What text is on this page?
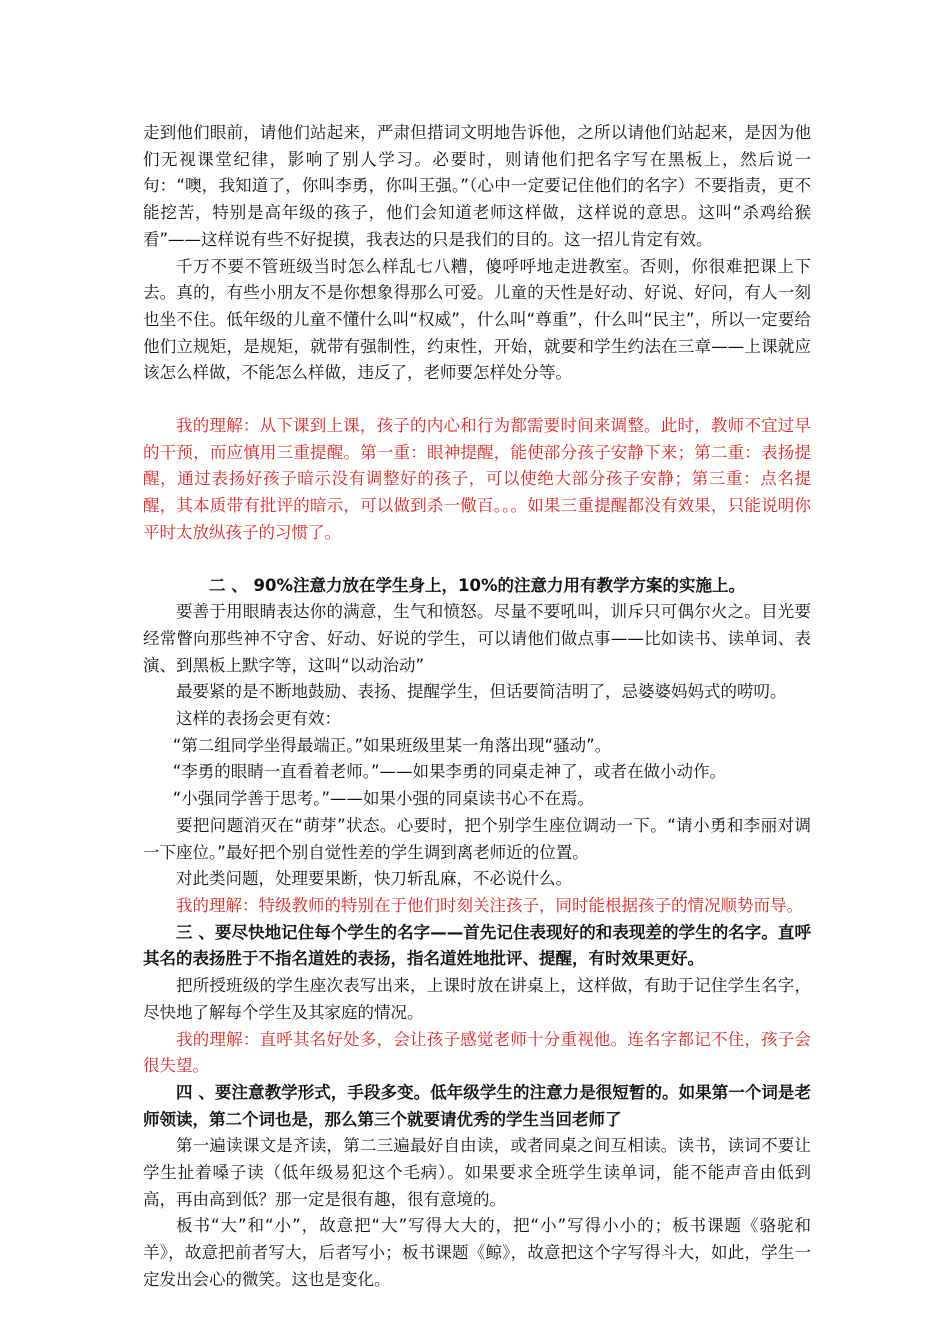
走到他们眼前，请他们站起来，严肃但措词文明地告诉他，之所以请他们站起来，是因为他们无视课堂纪律，影响了别人学习。必要时，则请他们把名字写在黑板上，然后说一句：“噢，我知道了，你叫李勇，你叫王强。”（心中一定要记住他们的名字）不要指责，更不能挖苦，特别是高年级的孩子，他们会知道老师这样做，这样说的意思。这叫“杀鸡给猴看”——这样说有些不好捉摸，我表达的只是我们的目的。这一招儿肯定有效。

千万不要不管班级当时怎么样乱七八糟，傻呼呼地走进教室。否则，你很难把课上下去。真的，有些小朋友不是你想象得那么可爱。儿童的天性是好动、好说、好问，有人一刻也坐不住。低年级的儿童不懂什么叫“权威”，什么叫“尊重”，什么叫“民主”，所以一定要给他们立规矩，是规矩，就带有强制性，约束性，开始，就要和学生约法在三章——上课就应该怎么样做，不能怎么样做，违反了，老师要怎样处分等。

我的理解：从下课到上课，孩子的内心和行为都需要时间来调整。此时，教师不宜过早的干预，而应慎用三重提醒。第一重：眼神提醒，能使部分孩子安静下来；第二重：表扬提醒，通过表扬好孩子暗示没有调整好的孩子，可以使绝大部分孩子安静；第三重：点名提醒，其本质带有批评的暗示，可以做到杀一儆百。。。如果三重提醒都没有效果，只能说明你平时太放纵孩子的习惯了。

二 、 90%注意力放在学生身上，10%的注意力用有教学方案的实施上。

要善于用眼睛表达你的满意，生气和愤怒。尽量不要吼叫，训斥只可偶尔火之。目光要经常瞥向那些神不守舍、好动、好说的学生，可以请他们做点事——比如读书、读单词、表演、到黑板上默字等，这叫“以动治动”

最要紧的是不断地鼓励、表扬、提醒学生，但话要简洁明了，忌婆婆妈妈式的唠叨。

这样的表扬会更有效：

“第二组同学坐得最端正。”如果班级里某一角落出现“骚动”。

“李勇的眼睛一直看着老师。”——如果李勇的同桌走神了，或者在做小动作。

“小强同学善于思考。”——如果小强的同桌读书心不在焉。

要把问题消灭在“萌芽”状态。心要时，把个别学生座位调动一下。“请小勇和李丽对调一下座位。”最好把个别自觉性差的学生调到离老师近的位置。

对此类问题，处理要果断，快刀斩乱麻，不必说什么。

我的理解：特级教师的特别在于他们时刻关注孩子，同时能根据孩子的情况顺势而导。

三 、要尽快地记住每个学生的名字——首先记住表现好的和表现差的学生的名字。直呼其名的表扬胜于不指名道姓的表扬，指名道姓地批评、提醒，有时效果更好。

把所授班级的学生座次表写出来，上课时放在讲桌上，这样做，有助于记住学生名字，尽快地了解每个学生及其家庭的情况。

我的理解：直呼其名好处多，会让孩子感觉老师十分重视他。连名字都记不住，孩子会很失望。

四 、要注意教学形式，手段多变。低年级学生的注意力是很短暂的。如果第一个词是老师领读，第二个词也是，那么第三个就要请优秀的学生当回老师了

第一遍读课文是齐读，第二三遍最好自由读，或者同桌之间互相读。读书，读词不要让学生扯着嗓子读（低年级易犯这个毛病）。如果要求全班学生读单词，能不能声音由低到高，再由高到低？那一定是很有趣，很有意境的。

板书“大”和“小”，故意把“大”写得大大的，把“小”写得小小的；板书课题《骆驼和羊》，故意把前者写大，后者写小；板书课题《鲸》，故意把这个字写得斗大，如此，学生一定发出会心的微笑。这也是变化。
